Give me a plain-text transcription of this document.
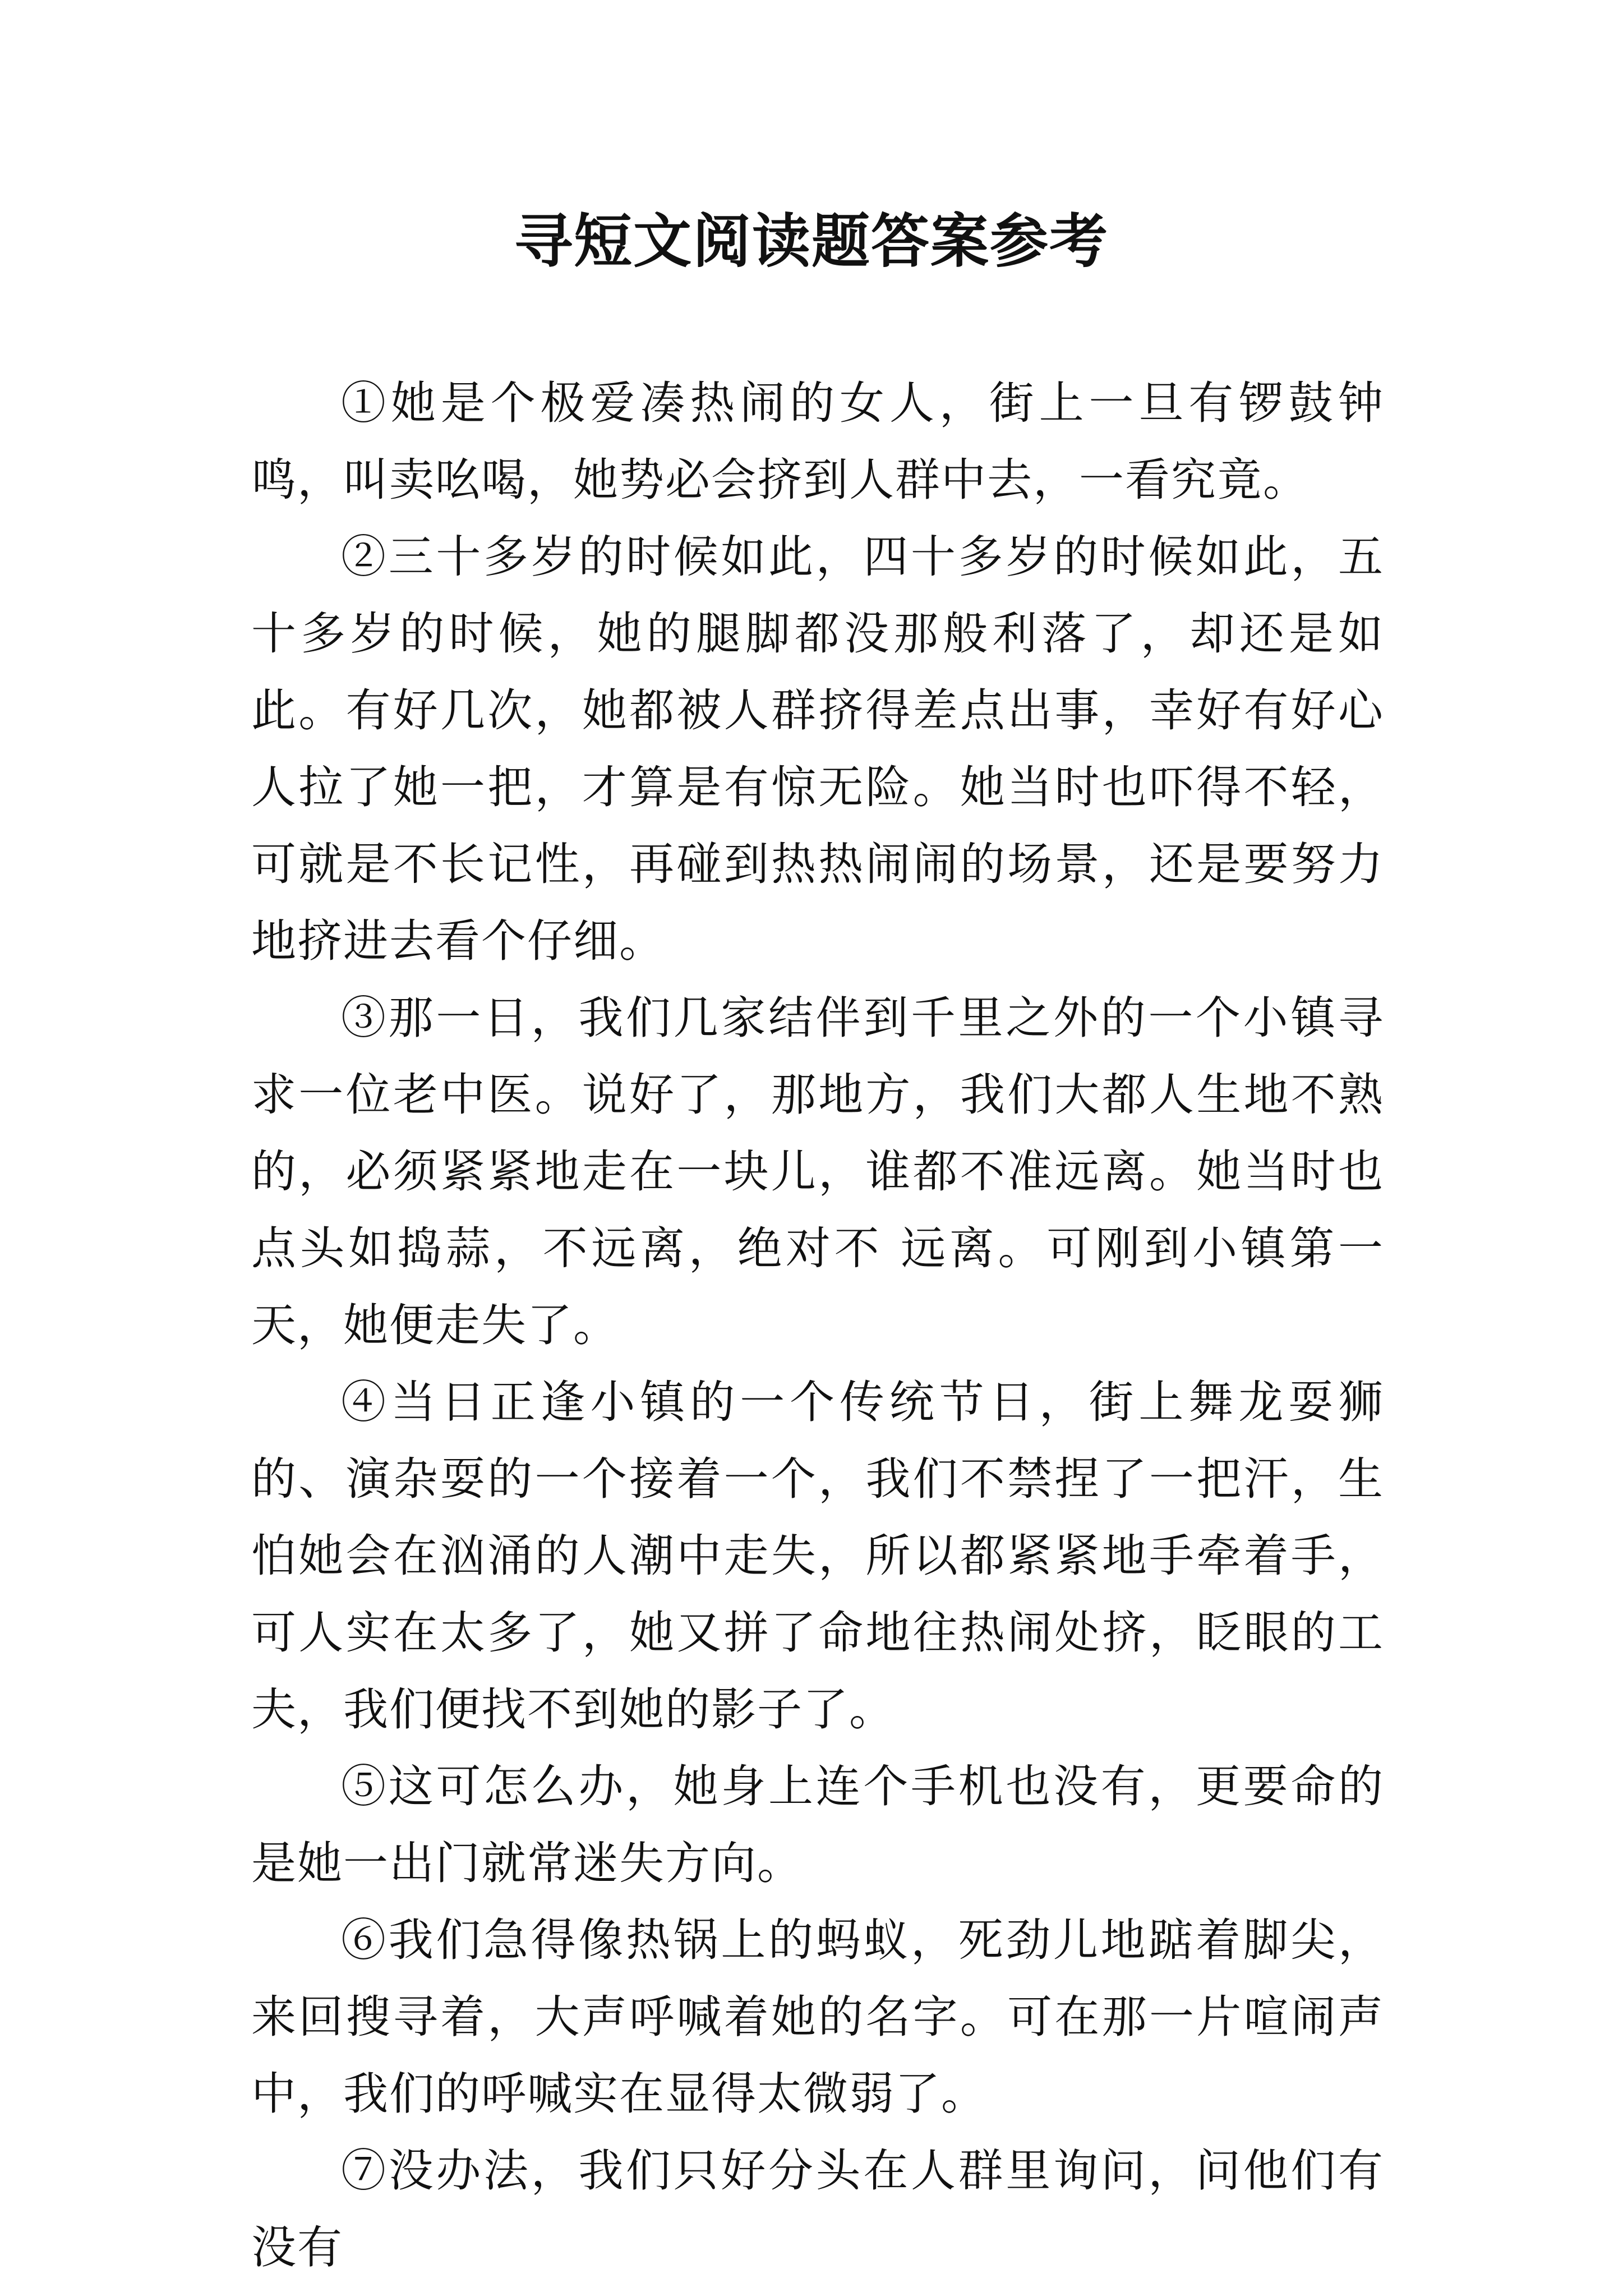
寻短文阅读题答案参考

①她是个极爱凑热闹的女人，街上一旦有锣鼓钟鸣，叫卖吆喝，她势必会挤到人群中去，一看究竟。

②三十多岁的时候如此，四十多岁的时候如此，五十多岁的时候，她的腿脚都没那般利落了，却还是如此。有好几次，她都被人群挤得差点出事，幸好有好心人拉了她一把，才算是有惊无险。她当时也吓得不轻，可就是不长记性，再碰到热热闹闹的场景，还是要努力地挤进去看个仔细。

③那一日，我们几家结伴到千里之外的一个小镇寻求一位老中医。说好了，那地方，我们大都人生地不熟的，必须紧紧地走在一块儿，谁都不准远离。她当时也点头如捣蒜，不远离，绝对不 远离。可刚到小镇第一天，她便走失了。

④当日正逢小镇的一个传统节日，街上舞龙耍狮的、演杂耍的一个接着一个，我们不禁捏了一把汗，生怕她会在汹涌的人潮中走失，所以都紧紧地手牵着手，可人实在太多了，她又拼了命地往热闹处挤，眨眼的工夫，我们便找不到她的影子了。

⑤这可怎么办，她身上连个手机也没有，更要命的是她一出门就常迷失方向。

⑥我们急得像热锅上的蚂蚁，死劲儿地踮着脚尖，来回搜寻着，大声呼喊着她的名字。可在那一片喧闹声中，我们的呼喊实在显得太微弱了。

⑦没办法，我们只好分头在人群里询问，问他们有没有
